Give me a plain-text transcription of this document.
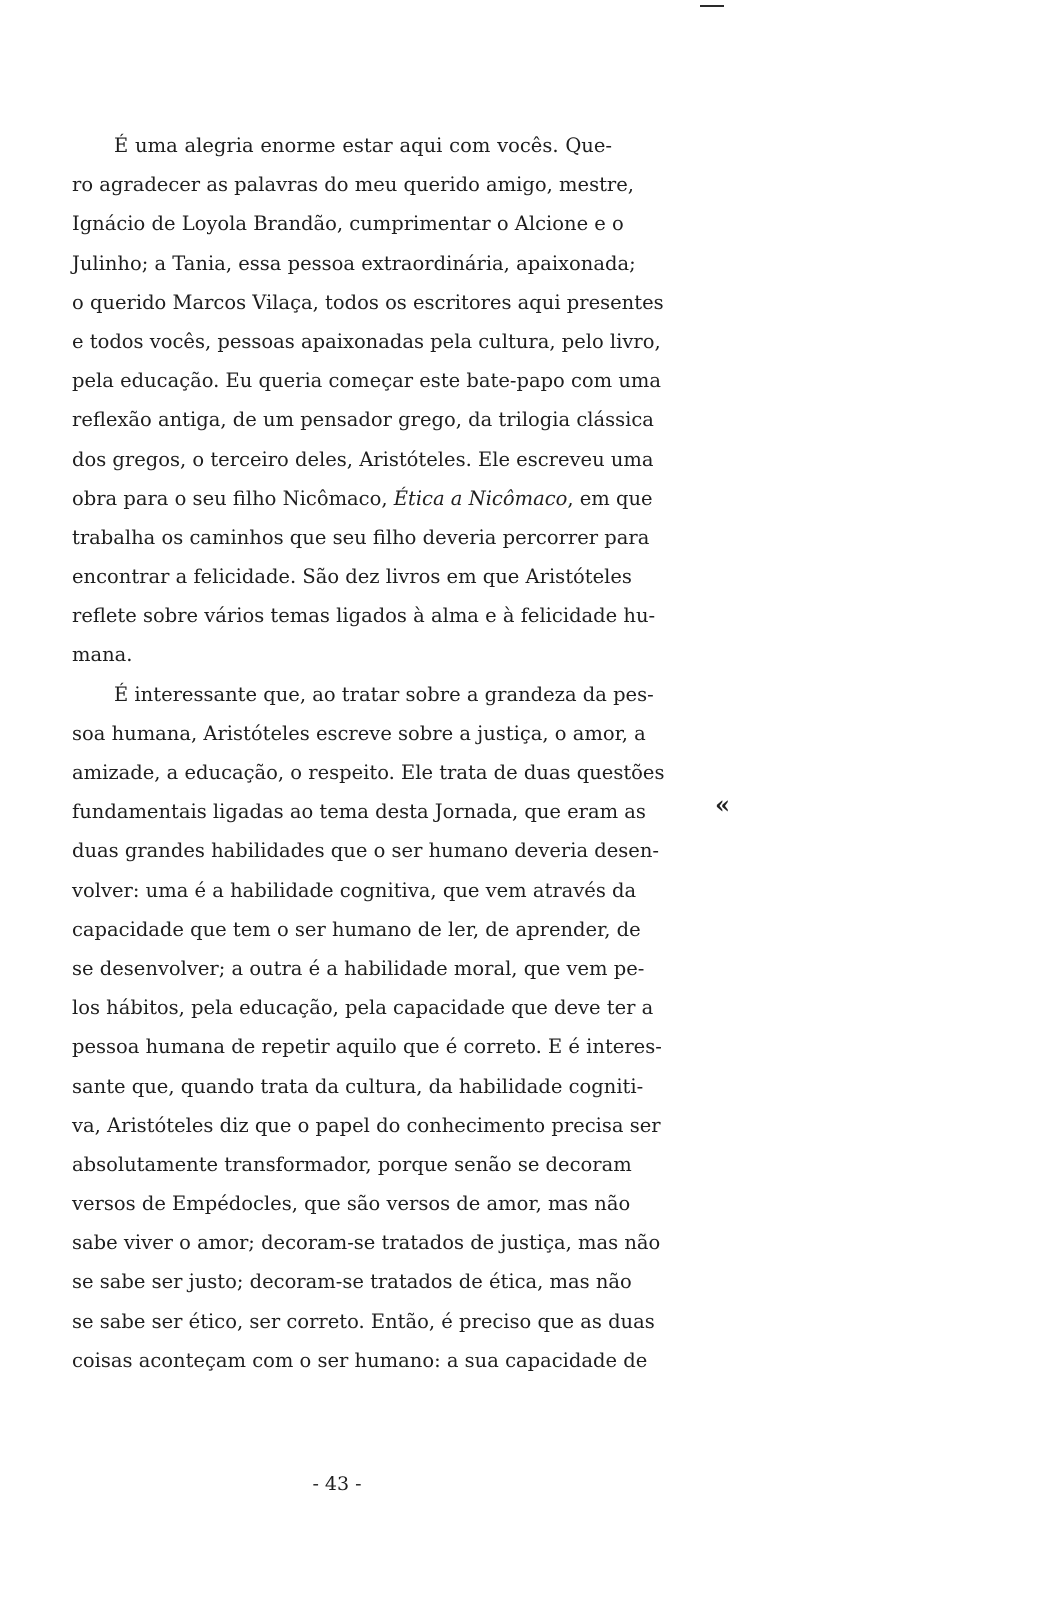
«
É uma alegria enorme estar aqui com vocês. Que-
ro agradecer as palavras do meu querido amigo, mestre,
Ignácio de Loyola Brandão, cumprimentar o Alcione e o
Julinho; a Tania, essa pessoa extraordinária, apaixonada;
o querido Marcos Vilaça, todos os escritores aqui presentes
e todos vocês, pessoas apaixonadas pela cultura, pelo livro,
pela educação. Eu queria começar este bate-papo com uma
reflexão antiga, de um pensador grego, da trilogia clássica
dos gregos, o terceiro deles, Aristóteles. Ele escreveu uma
obra para o seu filho Nicômaco, Ética a Nicômaco, em que
trabalha os caminhos que seu filho deveria percorrer para
encontrar a felicidade. São dez livros em que Aristóteles
reflete sobre vários temas ligados à alma e à felicidade hu-
mana.
É interessante que, ao tratar sobre a grandeza da pes-
soa humana, Aristóteles escreve sobre a justiça, o amor, a
amizade, a educação, o respeito. Ele trata de duas questões
fundamentais ligadas ao tema desta Jornada, que eram as
duas grandes habilidades que o ser humano deveria desen-
volver: uma é a habilidade cognitiva, que vem através da
capacidade que tem o ser humano de ler, de aprender, de
se desenvolver; a outra é a habilidade moral, que vem pe-
los hábitos, pela educação, pela capacidade que deve ter a
pessoa humana de repetir aquilo que é correto. E é interes-
sante que, quando trata da cultura, da habilidade cogniti-
va, Aristóteles diz que o papel do conhecimento precisa ser
absolutamente transformador, porque senão se decoram
versos de Empédocles, que são versos de amor, mas não
sabe viver o amor; decoram-se tratados de justiça, mas não
se sabe ser justo; decoram-se tratados de ética, mas não
se sabe ser ético, ser correto. Então, é preciso que as duas
coisas aconteçam com o ser humano: a sua capacidade de
- 43 -
